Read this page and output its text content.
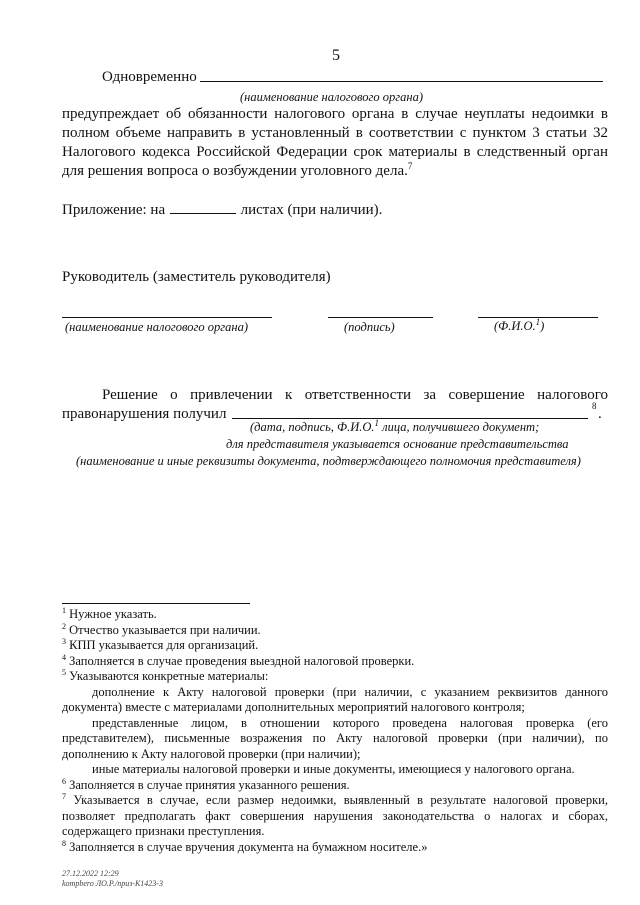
5
Одновременно
(наименование налогового органа)
предупреждает об обязанности налогового органа в случае неуплаты недоимки в полном объеме направить в установленный в соответствии с пунктом 3 статьи 32 Налогового кодекса Российской Федерации срок материалы в следственный орган для решения вопроса о возбуждении уголовного дела.$^7$
Приложение: на	листах (при наличии).
Руководитель (заместитель руководителя)
(наименование налогового органа)	(подпись)	(Ф.И.О.$^1$)
Решение о привлечении к ответственности за совершение налогового
правонарушения получил	8 .
(дата, подпись, Ф.И.О.$^1$ лица, получившего документ;
для представителя указывается основание представительства
(наименование и иные реквизиты документа, подтверждающего полномочия представителя)
$^1$ Нужное указать.
$^2$ Отчество указывается при наличии.
$^3$ КПП указывается для организаций.
$^4$ Заполняется в случае проведения выездной налоговой проверки.
$^5$ Указываются конкретные материалы:
дополнение к Акту налоговой проверки (при наличии, с указанием реквизитов данного документа) вместе с материалами дополнительных мероприятий налогового контроля;
представленные лицом, в отношении которого проведена налоговая проверка (его представителем), письменные возражения по Акту налоговой проверки (при наличии), по дополнению к Акту налоговой проверки (при наличии);
иные материалы налоговой проверки и иные документы, имеющиеся у налогового органа.
$^6$ Заполняется в случае принятия указанного решения.
$^7$ Указывается в случае, если размер недоимки, выявленный в результате налоговой проверки, позволяет предполагать факт совершения нарушения законодательства о налогах и сборах, содержащего признаки преступления.
$^8$ Заполняется в случае вручения документа на бумажном носителе.»
27.12.2022 12:29
kompbero ЛО.Р./приз-К1423-3
